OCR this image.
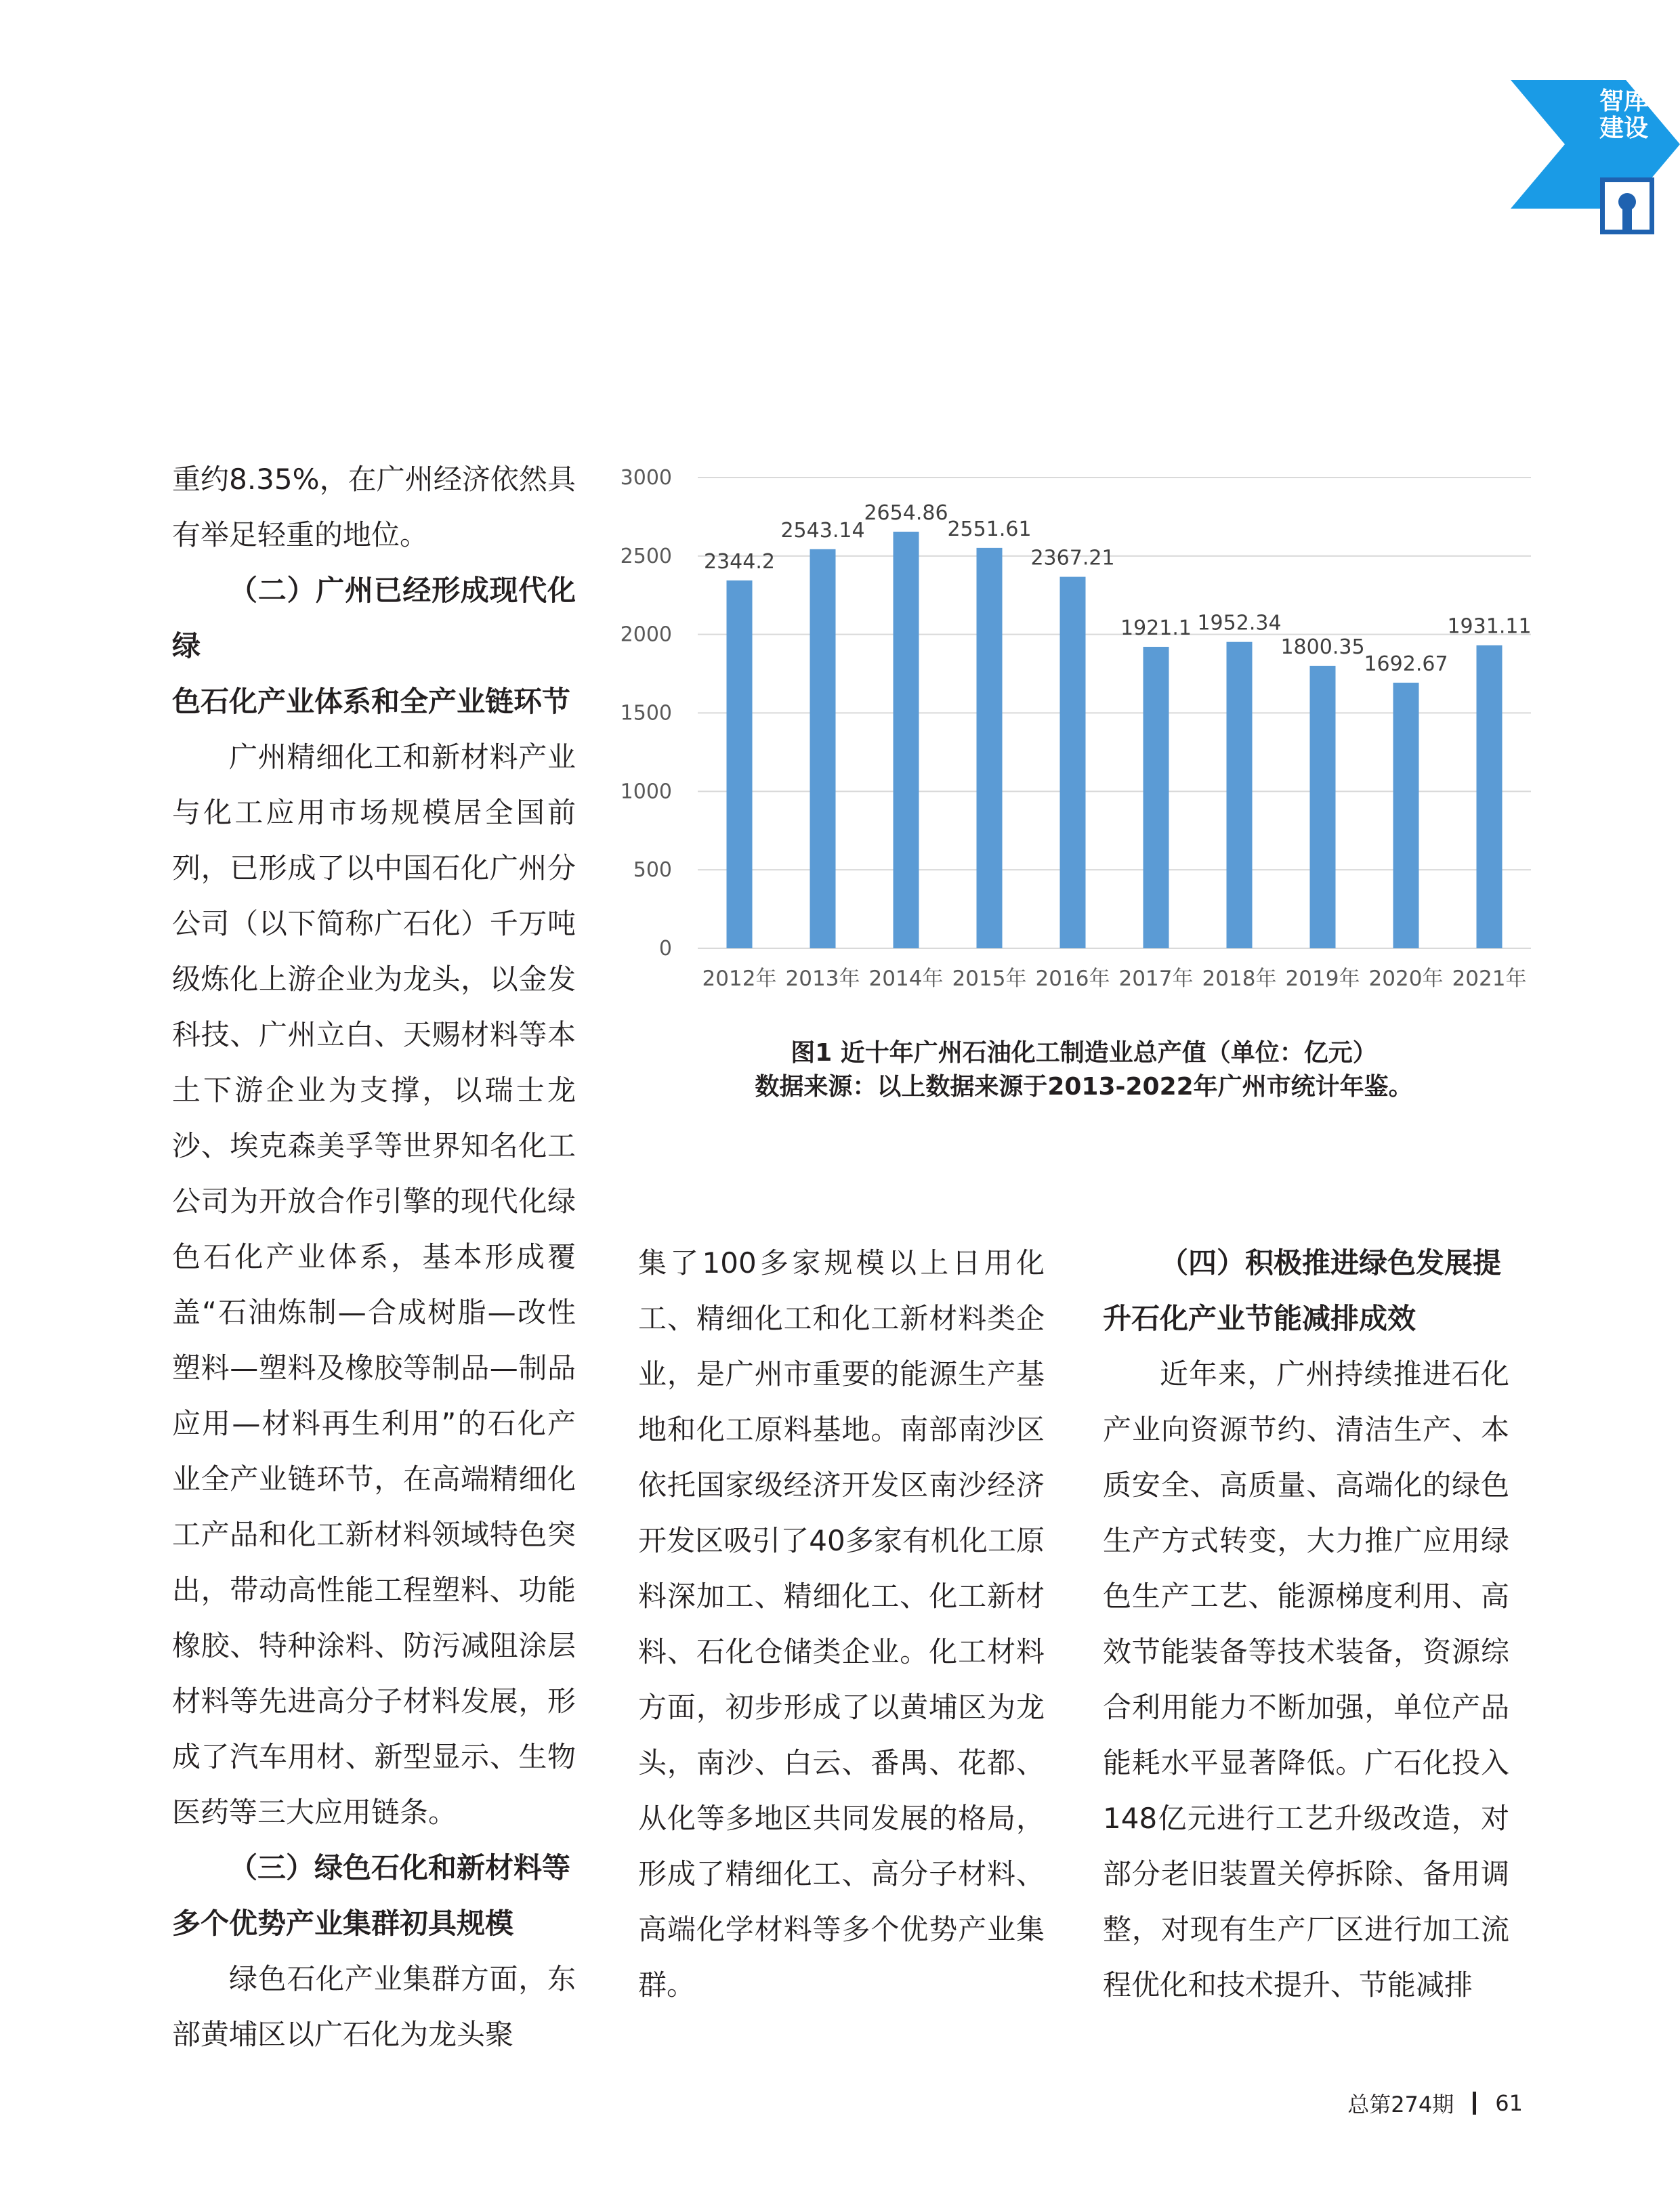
智库
建设

重约8.35%，在广州经济依然具有举足轻重的地位。

（二）广州已经形成现代化绿
色石化产业体系和全产业链环节

广州精细化工和新材料产业与化工应用市场规模居全国前列，已形成了以中国石化广州分公司（以下简称广石化）千万吨级炼化上游企业为龙头，以金发科技、广州立白、天赐材料等本土下游企业为支撑，以瑞士龙沙、埃克森美孚等世界知名化工公司为开放合作引擎的现代化绿色石化产业体系，基本形成覆盖“石油炼制—合成树脂—改性塑料—塑料及橡胶等制品—制品应用—材料再生利用”的石化产业全产业链环节，在高端精细化工产品和化工新材料领域特色突出，带动高性能工程塑料、功能橡胶、特种涂料、防污减阻涂层材料等先进高分子材料发展，形成了汽车用材、新型显示、生物医药等三大应用链条。

（三）绿色石化和新材料等
多个优势产业集群初具规模

绿色石化产业集群方面，东部黄埔区以广石化为龙头聚

0
500
1000
1500
2000
2500
3000
2344.2
2543.14
2654.86
2551.61
2367.21
1921.1 1952.34
1800.35
1692.67
1931.11
2012年 2013年 2014年 2015年 2016年 2017年 2018年 2019年 2020年 2021年
图1 近十年广州石油化工制造业总产值（单位：亿元）
数据来源：以上数据来源于2013-2022年广州市统计年鉴。

集了100多家规模以上日用化工、精细化工和化工新材料类企业，是广州市重要的能源生产基地和化工原料基地。南部南沙区依托国家级经济开发区南沙经济开发区吸引了40多家有机化工原料深加工、精细化工、化工新材料、石化仓储类企业。化工材料方面，初步形成了以黄埔区为龙头，南沙、白云、番禺、花都、从化等多地区共同发展的格局，形成了精细化工、高分子材料、高端化学材料等多个优势产业集群。

（四）积极推进绿色发展提
升石化产业节能减排成效

近年来，广州持续推进石化产业向资源节约、清洁生产、本质安全、高质量、高端化的绿色生产方式转变，大力推广应用绿色生产工艺、能源梯度利用、高效节能装备等技术装备，资源综合利用能力不断加强，单位产品能耗水平显著降低。广石化投入148亿元进行工艺升级改造，对部分老旧装置关停拆除、备用调整，对现有生产厂区进行加工流程优化和技术提升、节能减排

总第274期 61
